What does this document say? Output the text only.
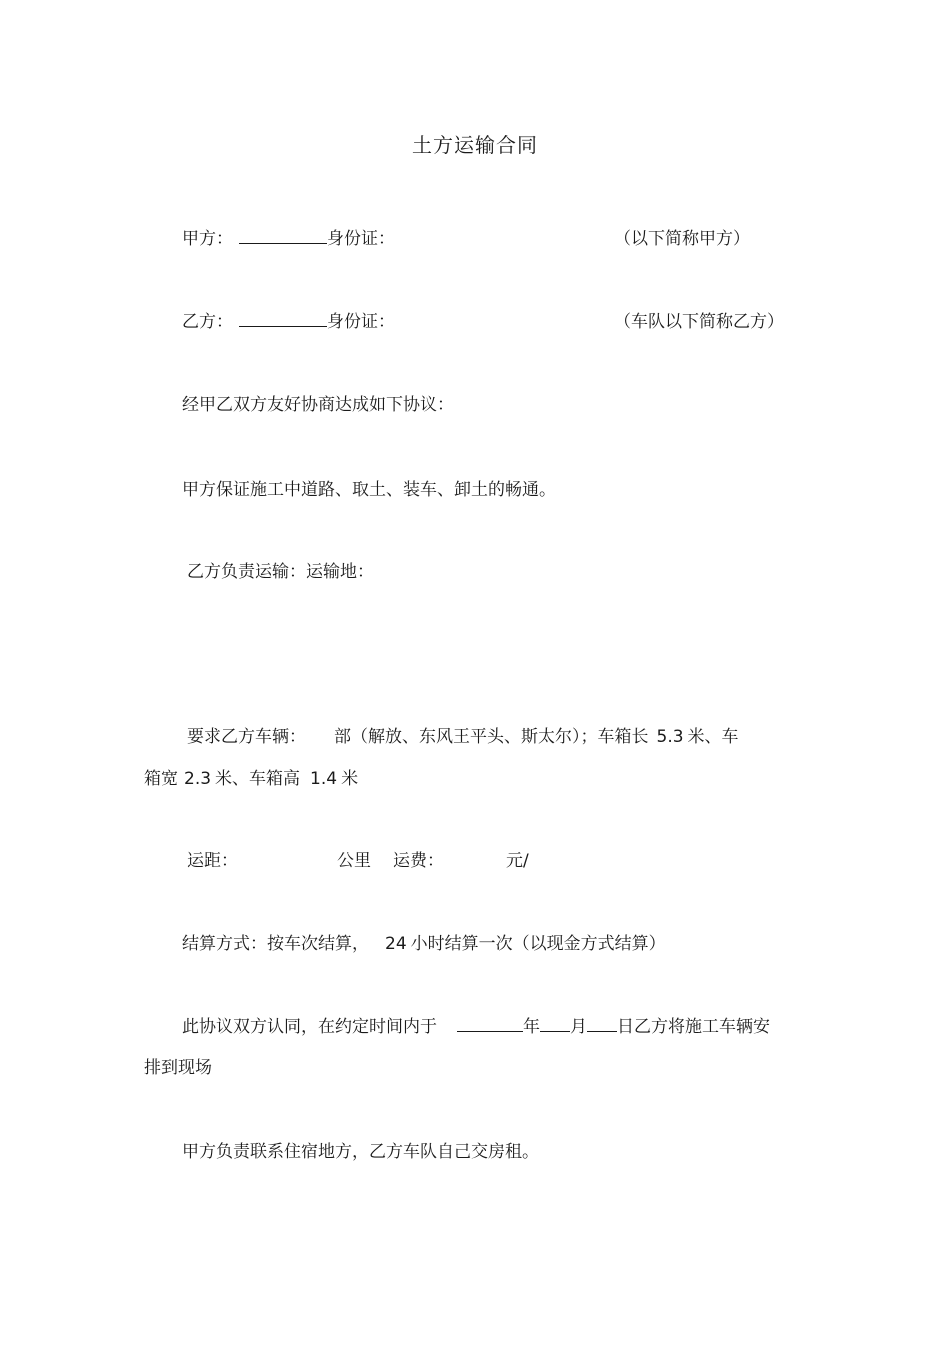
土方运输合同
甲方：	身份证：	（以下简称甲方）
乙方：	身份证：	（车队以下简称乙方）
经甲乙双方友好协商达成如下协议：
甲方保证施工中道路、取土、装车、卸土的畅通。
乙方负责运输：运输地：
要求乙方车辆： 部（解放、东风王平头、斯太尔）；车箱长 5.3 米、车
箱宽 2.3 米、车箱高 1.4 米
运距：	公里 运费：	元/
结算方式：按车次结算， 24 小时结算一次（以现金方式结算）
此协议双方认同，在约定时间内于	年 月 日乙方将施工车辆安
排到现场
甲方负责联系住宿地方，乙方车队自己交房租。
